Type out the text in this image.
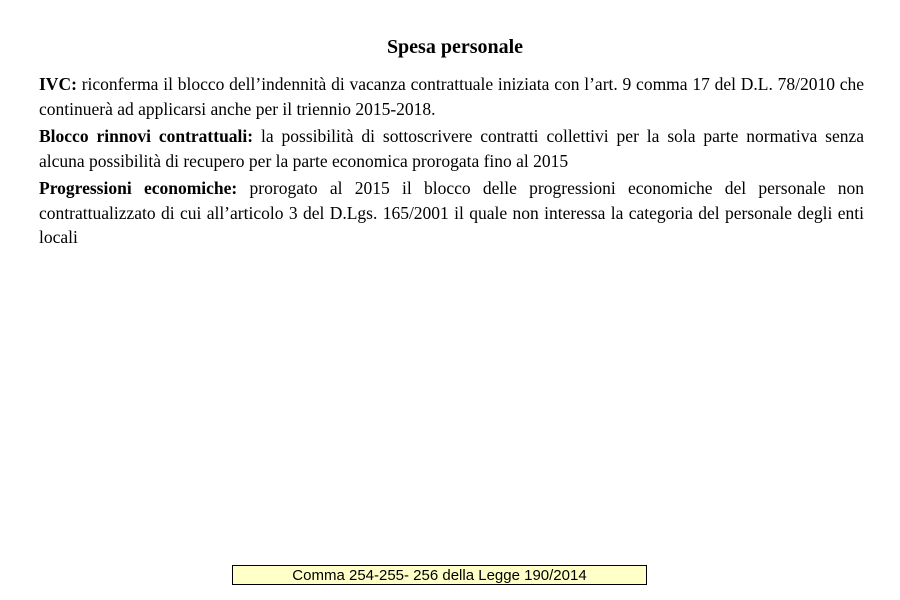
Spesa personale

IVC: riconferma il blocco dell’indennità di vacanza contrattuale iniziata con l’art. 9 comma 17 del D.L. 78/2010 che continuerà ad applicarsi anche per il triennio 2015-2018.

Blocco rinnovi contrattuali: la possibilità di sottoscrivere contratti collettivi per la sola parte normativa senza alcuna possibilità di recupero per la parte economica prorogata fino al 2015

Progressioni economiche: prorogato al 2015 il blocco delle progressioni economiche del personale non contrattualizzato di cui all’articolo 3 del D.Lgs. 165/2001 il quale non interessa la categoria del personale degli enti locali

Comma 254-255- 256 della Legge 190/2014
